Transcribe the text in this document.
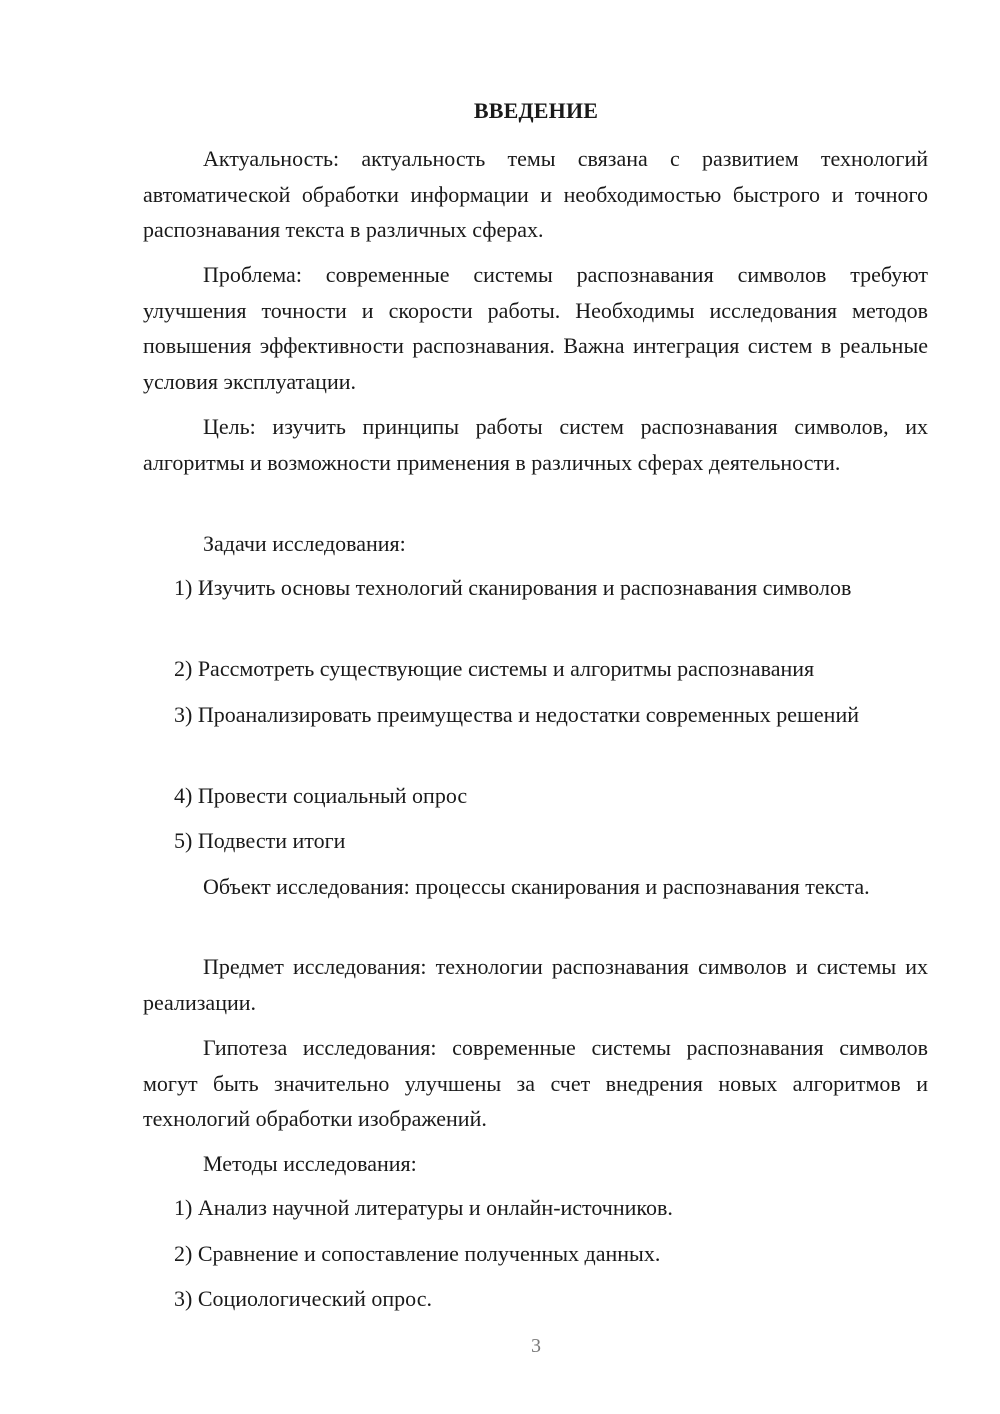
ВВЕДЕНИЕ

Актуальность: актуальность темы связана с развитием технологий автоматической обработки информации и необходимостью быстрого и точного распознавания текста в различных сферах.

Проблема: современные системы распознавания символов требуют улучшения точности и скорости работы. Необходимы исследования методов повышения эффективности распознавания. Важна интеграция систем в реальные условия эксплуатации.

Цель: изучить принципы работы систем распознавания символов, их алгоритмы и возможности применения в различных сферах деятельности.

Задачи исследования:

1) Изучить основы технологий сканирования и распознавания символов

2) Рассмотреть существующие системы и алгоритмы распознавания

3) Проанализировать преимущества и недостатки современных решений

4) Провести социальный опрос

5) Подвести итоги

Объект исследования: процессы сканирования и распознавания текста.

Предмет исследования: технологии распознавания символов и системы их реализации.

Гипотеза исследования: современные системы распознавания символов могут быть значительно улучшены за счет внедрения новых алгоритмов и технологий обработки изображений.

Методы исследования:

1) Анализ научной литературы и онлайн-источников.

2) Сравнение и сопоставление полученных данных.

3) Социологический опрос.

3
